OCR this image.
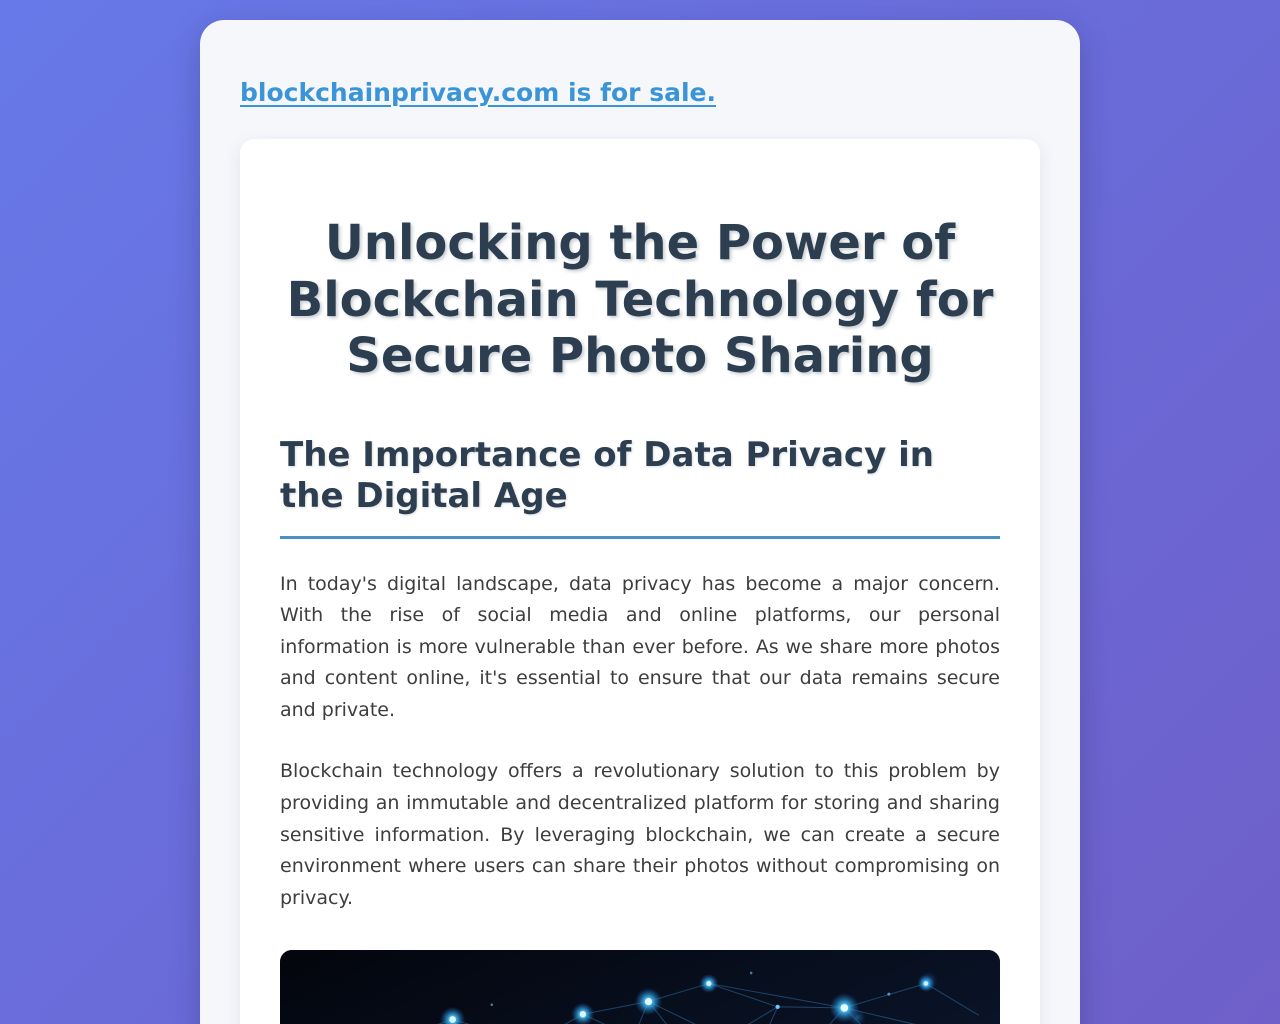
blockchainprivacy.com is for sale.
Unlocking the Power of Blockchain Technology for Secure Photo Sharing
The Importance of Data Privacy in the Digital Age

In today's digital landscape, data privacy has become a major concern. With the rise of social media and online platforms, our personal information is more vulnerable than ever before. As we share more photos and content online, it's essential to ensure that our data remains secure and private.

Blockchain technology offers a revolutionary solution to this problem by providing an immutable and decentralized platform for storing and sharing sensitive information. By leveraging blockchain, we can create a secure environment where users can share their photos without compromising on privacy.
